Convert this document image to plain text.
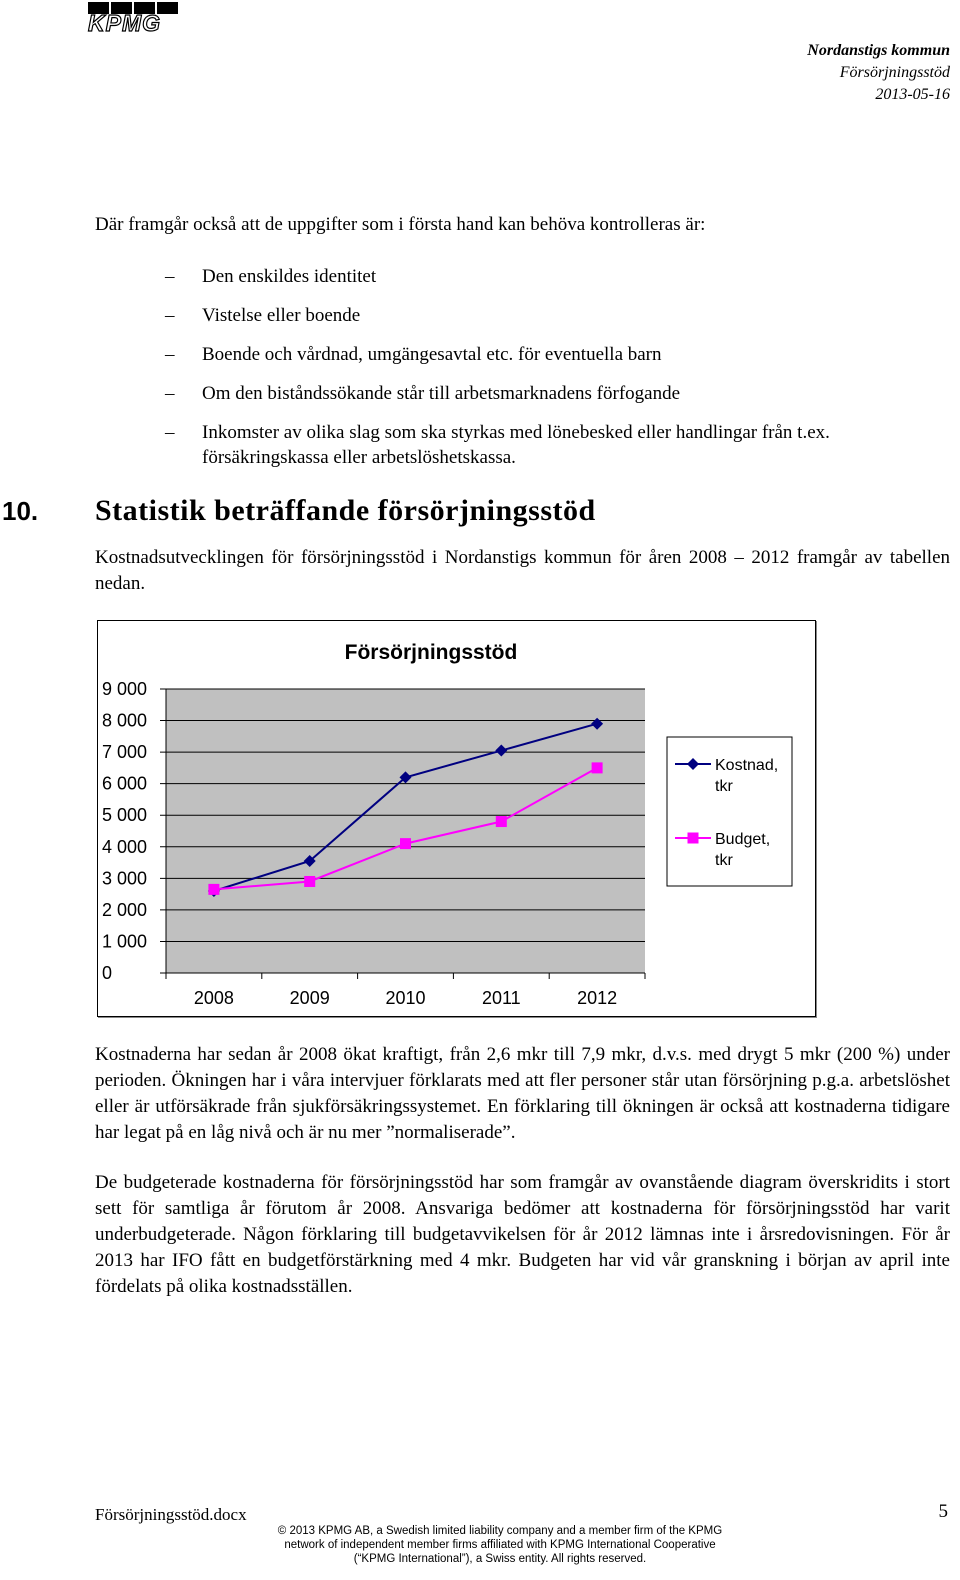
KPMG
Nordanstigs kommun
Försörjningsstöd
2013-05-16
Där framgår också att de uppgifter som i första hand kan behöva kontrolleras är:
– Den enskildes identitet
– Vistelse eller boende
– Boende och vårdnad, umgängesavtal etc. för eventuella barn
– Om den biståndssökande står till arbetsmarknadens förfogande
– Inkomster av olika slag som ska styrkas med lönebesked eller handlingar från t.ex. försäkringskassa eller arbetslöshetskassa.
10. Statistik beträffande försörjningsstöd
Kostnadsutvecklingen för försörjningsstöd i Nordanstigs kommun för åren 2008 – 2012 framgår av tabellen nedan.
Försörjningsstöd
0
1 000
2 000
3 000
4 000
5 000
6 000
7 000
8 000
9 000
2008	2009	2010	2011	2012
Kostnad, tkr
Budget, tkr
Kostnaderna har sedan år 2008 ökat kraftigt, från 2,6 mkr till 7,9 mkr, d.v.s. med drygt 5 mkr (200 %) under perioden. Ökningen har i våra intervjuer förklarats med att fler personer står utan försörjning p.g.a. arbetslöshet eller är utförsäkrade från sjukförsäkringssystemet. En förklaring till ökningen är också att kostnaderna tidigare har legat på en låg nivå och är nu mer ”normaliserade”.
De budgeterade kostnaderna för försörjningsstöd har som framgår av ovanstående diagram överskridits i stort sett för samtliga år förutom år 2008. Ansvariga bedömer att kostnaderna för försörjningsstöd har varit underbudgeterade. Någon förklaring till budgetavvikelsen för år 2012 lämnas inte i årsredovisningen. För år 2013 har IFO fått en budgetförstärkning med 4 mkr. Budgeten har vid vår granskning i början av april inte fördelats på olika kostnadsställen.
Försörjningsstöd.docx
© 2013 KPMG AB, a Swedish limited liability company and a member firm of the KPMG network of independent member firms affiliated with KPMG International Cooperative (“KPMG International”), a Swiss entity. All rights reserved.
5
